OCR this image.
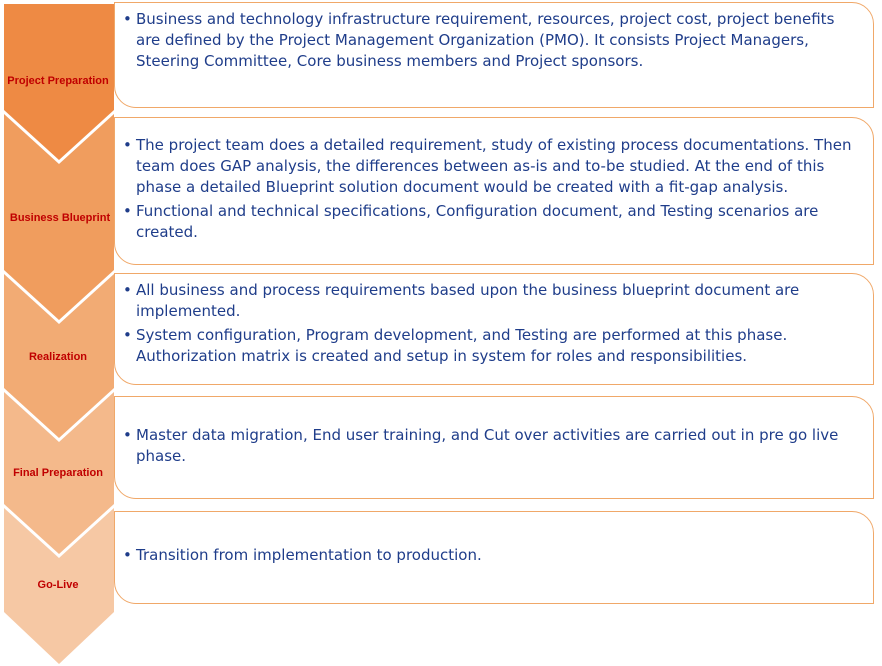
Project Preparation
Business Blueprint
Realization
Final Preparation
Go-Live
• Business and technology infrastructure requirement, resources, project cost, project benefits are defined by the Project Management Organization (PMO). It consists Project Managers, Steering Committee, Core business members and Project sponsors.
• The project team does a detailed requirement, study of existing process documentations. Then team does GAP analysis, the differences between as-is and to-be studied. At the end of this phase a detailed Blueprint solution document would be created with a fit-gap analysis.
• Functional and technical specifications, Configuration document, and Testing scenarios are created.
• All business and process requirements based upon the business blueprint document are implemented.
• System configuration, Program development, and Testing are performed at this phase. Authorization matrix is created and setup in system for roles and responsibilities.
• Master data migration, End user training, and Cut over activities are carried out in pre go live phase.
• Transition from implementation to production.
